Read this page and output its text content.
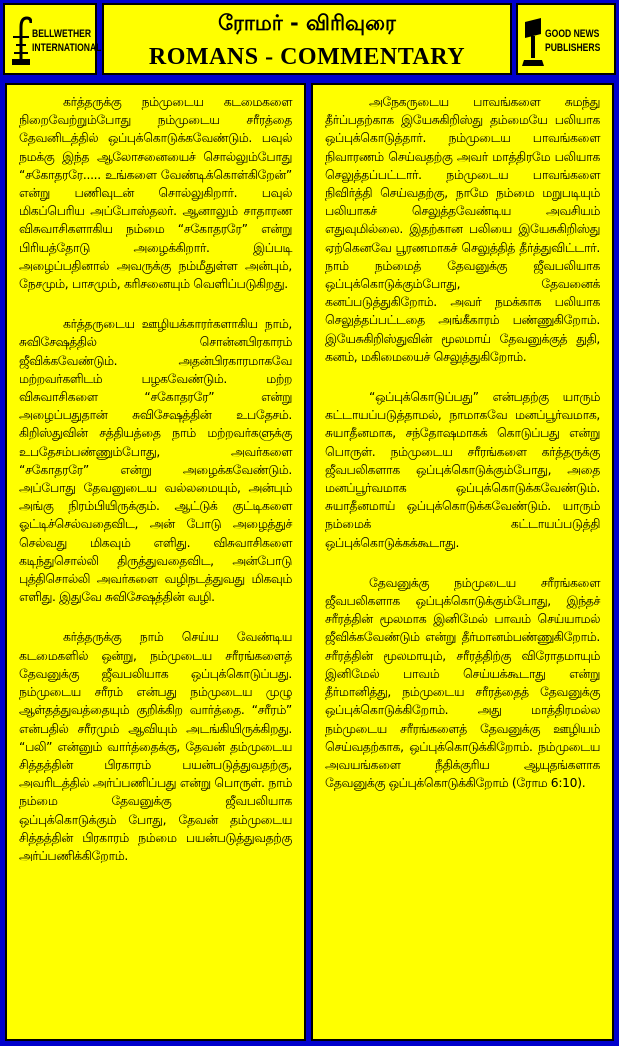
BELLWETHER
INTERNATIONAL
ரோமர் - விரிவுரை
ROMANS - COMMENTARY
GOOD NEWS
PUBLISHERS

கர்த்தருக்கு நம்முடைய கடமைகளை நிறைவேற்றும்போது நம்முடைய சரீரத்தை தேவனிடத்தில் ஒப்புக்கொடுக்கவேண்டும். பவுல் நமக்கு இந்த ஆலோசனையைச் சொல்லும்போது “சகோதரரே..... உங்களை வேண்டிக்கொள்கிறேன்” என்று பணிவுடன் சொல்லுகிறார். பவுல் மிகப்பெரிய அப்போஸ்தலர். ஆனாலும் சாதாரண விசுவாசிகளாகிய நம்மை “சகோதரரே” என்று பிரியத்தோடு அழைக்கிறார். இப்படி அழைப்பதினால் அவருக்கு நம்மீதுள்ள அன்பும், நேசமும், பாசமும், கரிசனையும் வெளிப்படுகிறது.

கர்த்தருடைய ஊழியக்காரர்களாகிய நாம், சுவிசேஷத்தில் சொன்னபிரகாரம் ஜீவிக்கவேண்டும். அதன்பிரகாரமாகவே மற்றவர்களிடம் பழகவேண்டும். மற்ற விசுவாசிகளை “சகோதரரே” என்று அழைப்பதுதான் சுவிசேஷத்தின் உபதேசம். கிறிஸ்துவின் சத்தியத்தை நாம் மற்றவர்களுக்கு உபதேசம்பண்ணும்போது, அவர்களை “சகோதரரே” என்று அழைக்கவேண்டும். அப்போது தேவனுடைய வல்லமையும், அன்பும் அங்கு நிரம்பியிருக்கும். ஆட்டுக் குட்டிகளை ஓட்டிச்செல்வதைவிட, அன் போடு அழைத்துச் செல்வது மிகவும் எளிது. விசுவாசிகளை கடிந்துசொல்லி திருத்துவதைவிட, அன்போடு புத்திசொல்லி அவர்களை வழிநடத்துவது மிகவும் எளிது. இதுவே சுவிசேஷத்தின் வழி.

கர்த்தருக்கு நாம் செய்ய வேண்டிய கடமைகளில் ஒன்று, நம்முடைய சரீரங்களைத் தேவனுக்கு ஜீவபலியாக ஒப்புக்கொடுப்பது. நம்முடைய சரீரம் என்பது நம்முடைய முழு ஆள்தத்துவத்தையும் குறிக்கிற வார்த்தை. “சரீரம்” என்பதில் சரீரமும் ஆவியும் அடங்கியிருக்கிறது. “பலி” என்னும் வார்த்தைக்கு, தேவன் தம்முடைய சித்தத்தின் பிரகாரம் பயன்படுத்துவதற்கு, அவரிடத்தில் அர்ப்பணிப்பது என்று பொருள். நாம் நம்மை தேவனுக்கு ஜீவபலியாக ஒப்புக்கொடுக்கும் போது, தேவன் தம்முடைய சித்தத்தின் பிரகாரம் நம்மை பயன்படுத்துவதற்கு அர்ப்பணிக்கிறோம்.

அநேகருடைய பாவங்களை சுமந்து தீர்ப்பதற்காக இயேசுகிறிஸ்து தம்மையே பலியாக ஒப்புக்கொடுத்தார். நம்முடைய பாவங்களை நிவாரணம் செய்வதற்கு அவர் மாத்திரமே பலியாக செலுத்தப்பட்டார். நம்முடைய பாவங்களை நிவிர்த்தி செய்வதற்கு, நாமே நம்மை மறுபடியும் பலியாகச் செலுத்தவேண்டிய அவசியம் எதுவுமில்லை. இதற்கான பலியை இயேசுகிறிஸ்து ஏற்கெனவே பூரணமாகச் செலுத்தித் தீர்த்துவிட்டார். நாம் நம்மைத் தேவனுக்கு ஜீவபலியாக ஒப்புக்கொடுக்கும்போது, தேவனைக் கனப்படுத்துகிறோம். அவர் நமக்காக பலியாக செலுத்தப்பட்டதை அங்கீகாரம் பண்ணுகிறோம். இயேசுகிறிஸ்துவின் மூலமாய் தேவனுக்குத் துதி, கனம், மகிமையைச் செலுத்துகிறோம்.

“ஒப்புக்கொடுப்பது” என்பதற்கு யாரும் கட்டாயப்படுத்தாமல், நாமாகவே மனப்பூர்வமாக, சுயாதீனமாக, சந்தோஷமாகக் கொடுப்பது என்று பொருள். நம்முடைய சரீரங்களை கர்த்தருக்கு ஜீவபலிகளாக ஒப்புக்கொடுக்கும்போது, அதை மனப்பூர்வமாக ஒப்புக்கொடுக்கவேண்டும். சுயாதீனமாய் ஒப்புக்கொடுக்கவேண்டும். யாரும் நம்மைக் கட்டாயப்படுத்தி ஒப்புக்கொடுக்கக்கூடாது.

தேவனுக்கு நம்முடைய சரீரங்களை ஜீவபலிகளாக ஒப்புக்கொடுக்கும்போது, இந்தச் சரீரத்தின் மூலமாக இனிமேல் பாவம் செய்யாமல் ஜீவிக்கவேண்டும் என்று தீர்மானம்பண்ணுகிறோம். சரீரத்தின் மூலமாயும், சரீரத்திற்கு விரோதமாயும் இனிமேல் பாவம் செய்யக்கூடாது என்று தீர்மானித்து, நம்முடைய சரீரத்தைத் தேவனுக்கு ஒப்புக்கொடுக்கிறோம். அது மாத்திரமல்ல நம்முடைய சரீரங்களைத் தேவனுக்கு ஊழியம் செய்வதற்காக, ஒப்புக்கொடுக்கிறோம். நம்முடைய அவயங்களை நீதிக்குரிய ஆயுதங்களாக தேவனுக்கு ஒப்புக்கொடுக்கிறோம் (ரோம 6:10).
